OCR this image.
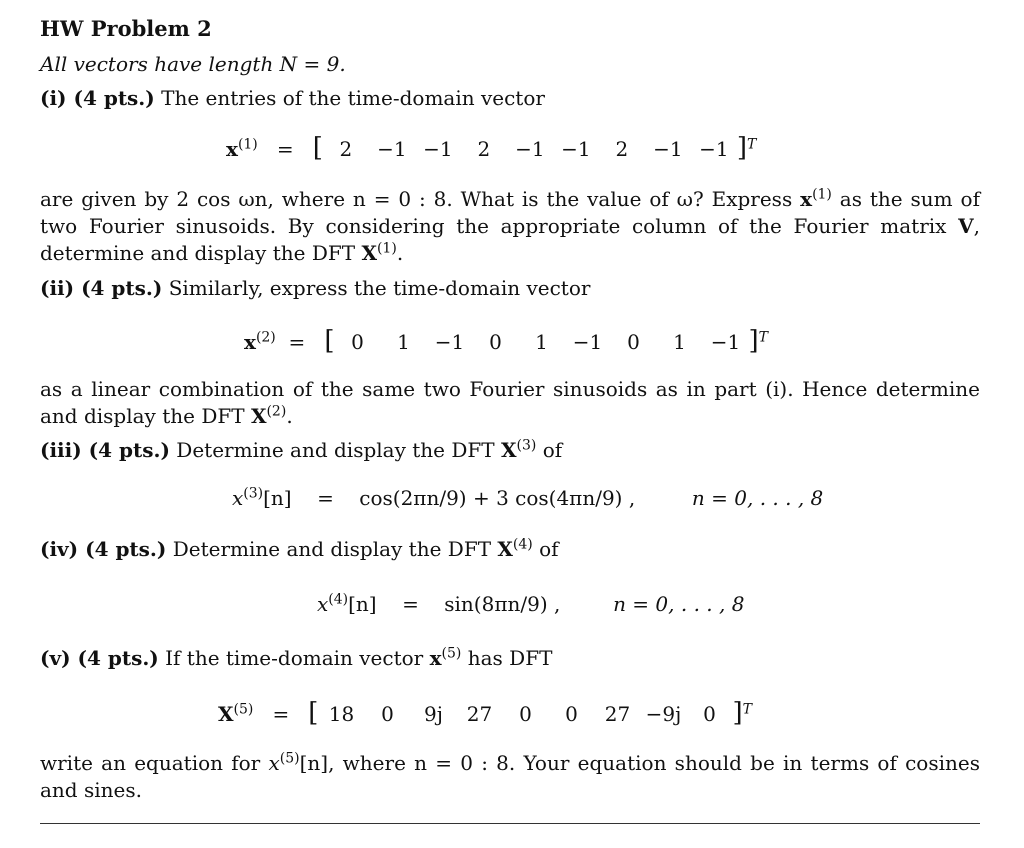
HW Problem 2
All vectors have length N = 9.
(i) (4 pts.) The entries of the time-domain vector
$x^{(1)}$ = [ 2 −1 −1 2 −1 −1 2 −1 −1 ]$^T$
are given by 2 cos ωn, where n = 0 : 8. What is the value of ω? Express $x^{(1)}$ as the sum of two Fourier sinusoids. By considering the appropriate column of the Fourier matrix V, determine and display the DFT $X^{(1)}$.
(ii) (4 pts.) Similarly, express the time-domain vector
$x^{(2)}$ = [ 0 1 −1 0 1 −1 0 1 −1 ]$^T$
as a linear combination of the same two Fourier sinusoids as in part (i). Hence determine and display the DFT $X^{(2)}$.
(iii) (4 pts.) Determine and display the DFT $X^{(3)}$ of
$x^{(3)}[n] = \cos(2\pi n/9) + 3$ cos(4πn/9) ,	n = 0, . . . , 8
(iv) (4 pts.) Determine and display the DFT $X^{(4)}$ of
$x^{(4)}[n] = \sin(8\pi n/9)$ ,	n = 0, . . . , 8
(v) (4 pts.) If the time-domain vector $x^{(5)}$ has DFT
$X^{(5)}$ = [ 18 0 9j 27 0 0 27 −9j 0 ]$^T$
write an equation for $x^{(5)}[n]$, where n = 0 : 8. Your equation should be in terms of cosines and sines.
